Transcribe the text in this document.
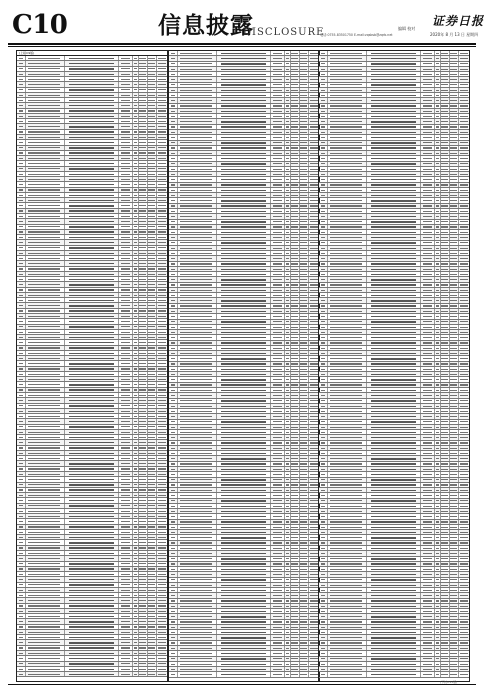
C10	信息披露
DISCLOSURE	编辑 校对
电话:0755-83501750 E-mail:zqsbsb@zqrb.net
证券日报
2020年 8 月 13 日 星期四
(上接C9版)
(下转C11版)
